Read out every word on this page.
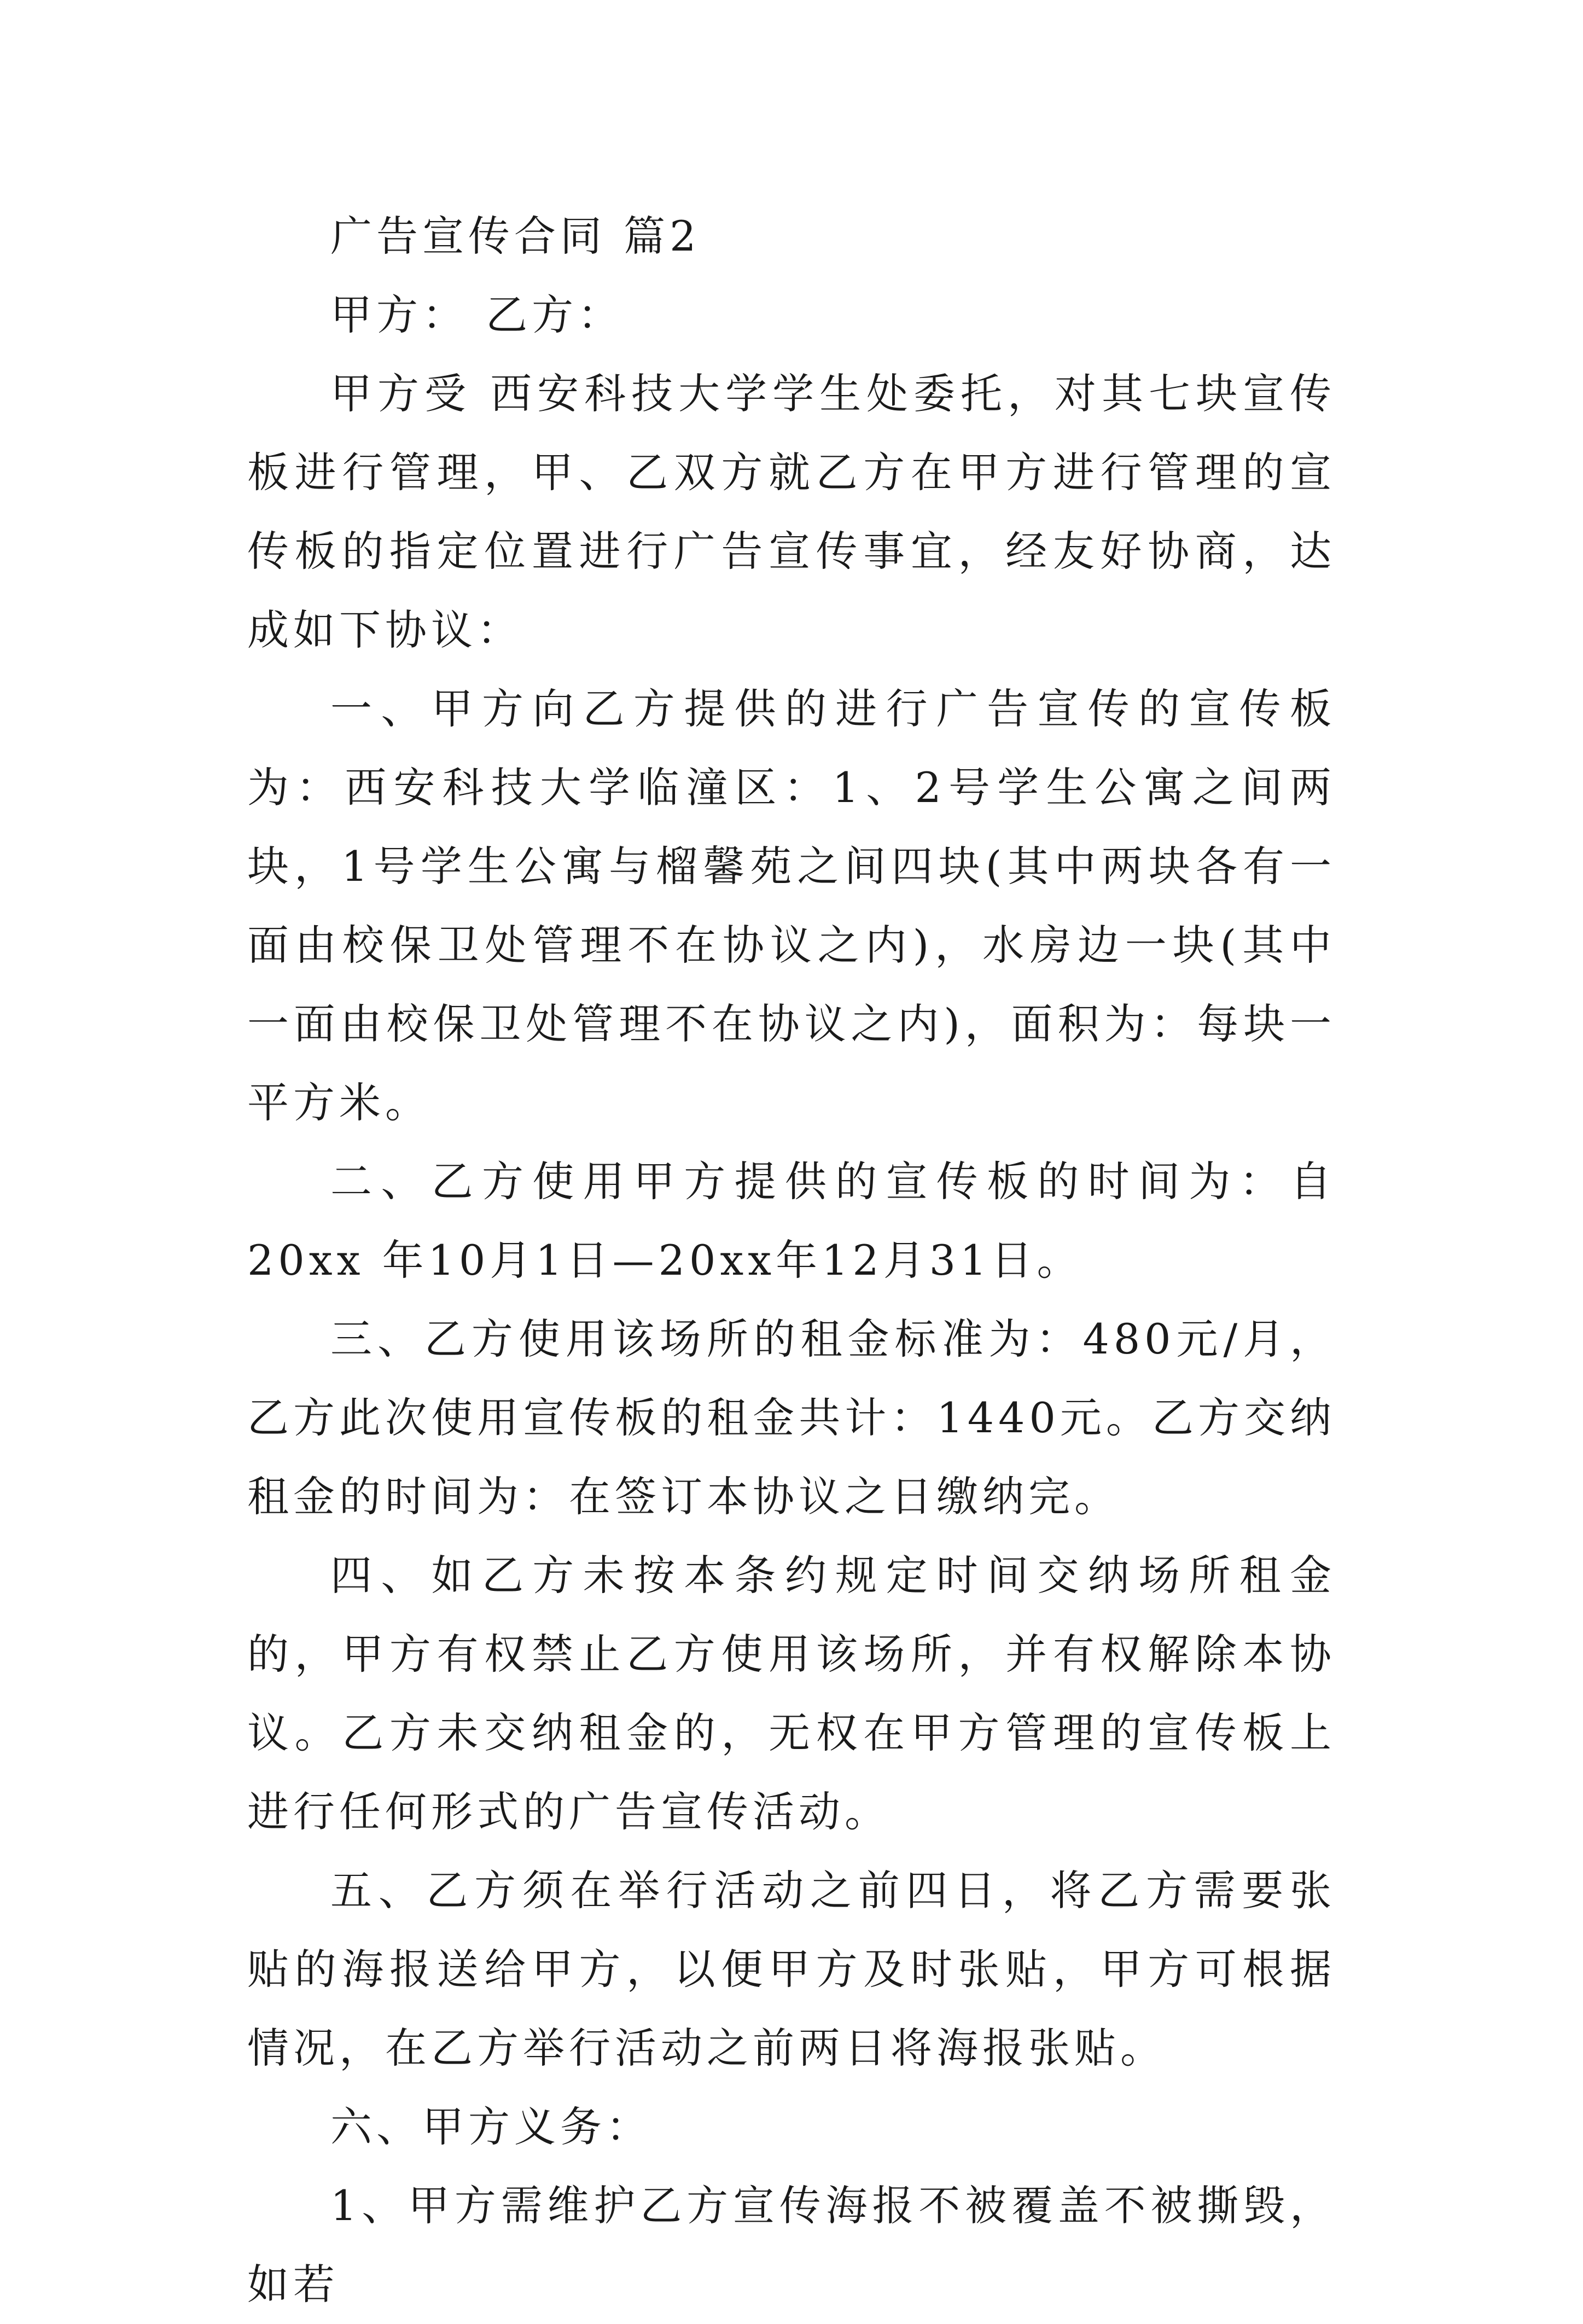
广告宣传合同 篇2

甲方： 乙方：

甲方受 西安科技大学学生处委托，对其七块宣传板进行管理，甲、乙双方就乙方在甲方进行管理的宣传板的指定位置进行广告宣传事宜，经友好协商，达成如下协议：

一、甲方向乙方提供的进行广告宣传的宣传板为：西安科技大学临潼区：1、2号学生公寓之间两块，1号学生公寓与榴馨苑之间四块(其中两块各有一面由校保卫处管理不在协议之内)，水房边一块(其中一面由校保卫处管理不在协议之内)，面积为：每块一平方米。

二、乙方使用甲方提供的宣传板的时间为：自 20xx 年10月1日—20xx年12月31日。

三、乙方使用该场所的租金标准为：480元/月，乙方此次使用宣传板的租金共计：1440元。乙方交纳租金的时间为：在签订本协议之日缴纳完。

四、如乙方未按本条约规定时间交纳场所租金的，甲方有权禁止乙方使用该场所，并有权解除本协议。乙方未交纳租金的，无权在甲方管理的宣传板上进行任何形式的广告宣传活动。

五、乙方须在举行活动之前四日，将乙方需要张贴的海报送给甲方，以便甲方及时张贴，甲方可根据情况，在乙方举行活动之前两日将海报张贴。

六、甲方义务：

1、甲方需维护乙方宣传海报不被覆盖不被撕毁，如若
